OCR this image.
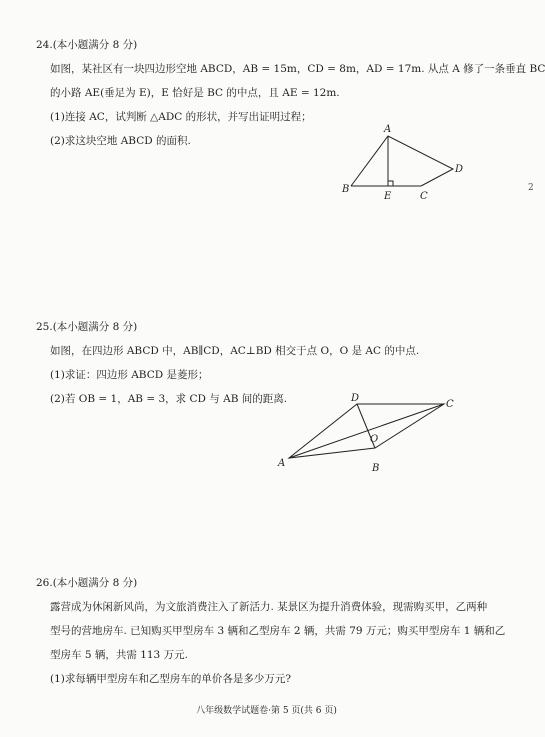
24.(本小题满分 8 分)
如图，某社区有一块四边形空地 ABCD，AB = 15m，CD = 8m，AD = 17m. 从点 A 修了一条垂直 BC
的小路 AE(垂足为 E)，E 恰好是 BC 的中点，且 AE = 12m.
(1)连接 AC，试判断 △ADC 的形状，并写出证明过程；
(2)求这块空地 ABCD 的面积.
A
B
C
D
E
25.(本小题满分 8 分)
如图，在四边形 ABCD 中，AB∥CD，AC⊥BD 相交于点 O，O 是 AC 的中点.
(1)求证：四边形 ABCD 是菱形；
(2)若 OB = 1，AB = 3，求 CD 与 AB 间的距离.
A	B
C
D
O
26.(本小题满分 8 分)
露营成为休闲新风尚，为文旅消费注入了新活力. 某景区为提升消费体验，现需购买甲，乙两种
型号的营地房车. 已知购买甲型房车 3 辆和乙型房车 2 辆，共需 79 万元；购买甲型房车 1 辆和乙
型房车 5 辆，共需 113 万元.
(1)求每辆甲型房车和乙型房车的单价各是多少万元?
2
八年级数学试题卷·第 5 页(共 6 页)
